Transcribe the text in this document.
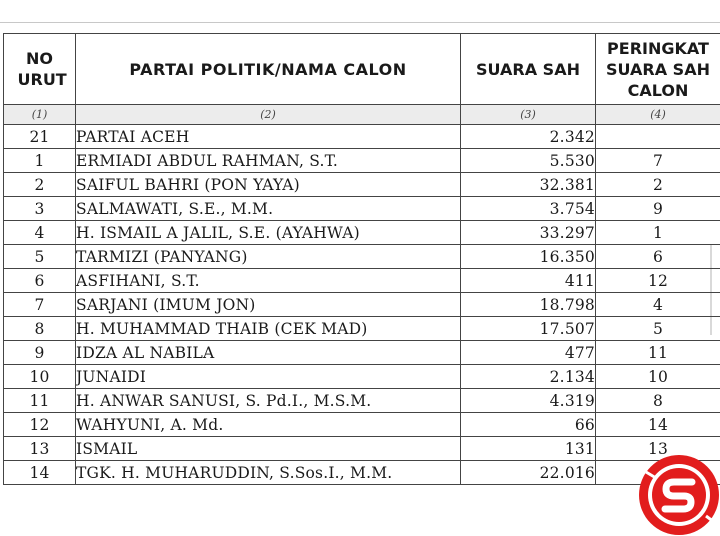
NO URUT	PARTAI POLITIK/NAMA CALON	SUARA SAH	PERINGKAT SUARA SAH CALON
(1)	(2)	(3)	(4)
21	PARTAI ACEH	2.342	
1	ERMIADI ABDUL RAHMAN, S.T.	5.530	7
2	SAIFUL BAHRI (PON YAYA)	32.381	2
3	SALMAWATI, S.E., M.M.	3.754	9
4	H. ISMAIL A JALIL, S.E. (AYAHWA)	33.297	1
5	TARMIZI (PANYANG)	16.350	6
6	ASFIHANI, S.T.	411	12
7	SARJANI (IMUM JON)	18.798	4
8	H. MUHAMMAD THAIB (CEK MAD)	17.507	5
9	IDZA AL NABILA	477	11
10	JUNAIDI	2.134	10
11	H. ANWAR SANUSI, S. Pd.I., M.S.M.	4.319	8
12	WAHYUNI, A. Md.	66	14
13	ISMAIL	131	13
14	TGK. H. MUHARUDDIN, S.Sos.I., M.M.	22.016	
